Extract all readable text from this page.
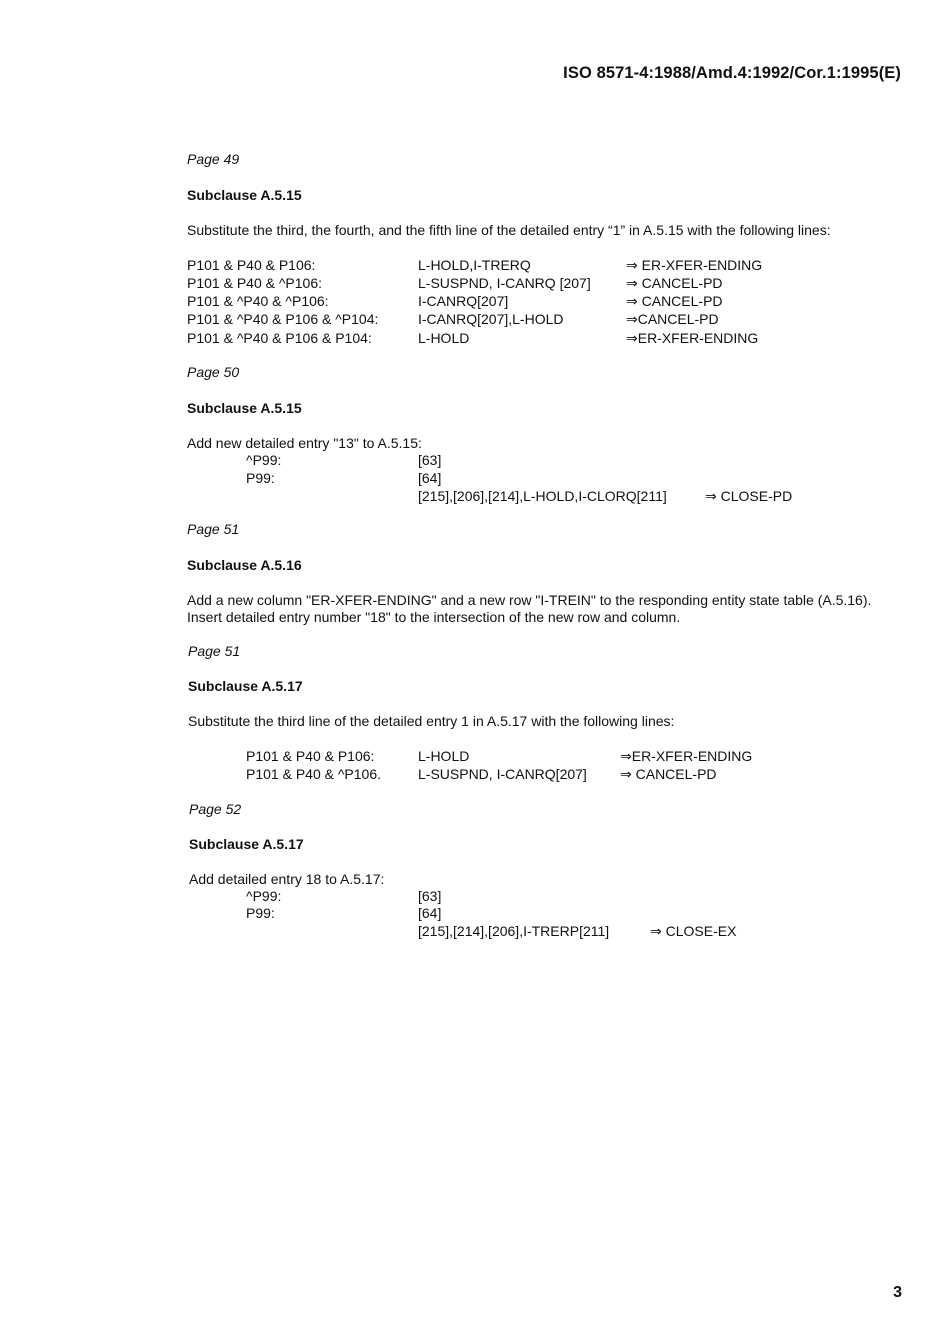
ISO 8571-4:1988/Amd.4:1992/Cor.1:1995(E)
Page 49
Subclause A.5.15
Substitute the third, the fourth, and the fifth line of the detailed entry “1” in A.5.15 with the following lines:
P101 & P40 & P106:	L-HOLD,I-TRERQ	⇒ ER-XFER-ENDING
P101 & P40 & ^P106:	L-SUSPND, I-CANRQ [207]	⇒ CANCEL-PD
P101 & ^P40 & ^P106:	I-CANRQ[207]	⇒ CANCEL-PD
P101 & ^P40 & P106 & ^P104:	I-CANRQ[207],L-HOLD	⇒CANCEL-PD
P101 & ^P40 & P106 & P104:	L-HOLD	⇒ER-XFER-ENDING
Page 50
Subclause A.5.15
Add new detailed entry "13" to A.5.15:
^P99:	[63]
P99:	[64]
[215],[206],[214],L-HOLD,I-CLORQ[211]	⇒ CLOSE-PD
Page 51
Subclause A.5.16
Add a new column "ER-XFER-ENDING" and a new row "I-TREIN" to the responding entity state table (A.5.16).
Insert detailed entry number "18" to the intersection of the new row and column.
Page 51
Subclause A.5.17
Substitute the third line of the detailed entry 1 in A.5.17 with the following lines:
P101 & P40 & P106:	L-HOLD	⇒ER-XFER-ENDING
P101 & P40 & ^P106.	L-SUSPND, I-CANRQ[207] ⇒ CANCEL-PD
Page 52
Subclause A.5.17
Add detailed entry 18 to A.5.17:
^P99:	[63]
P99:	[64]
[215],[214],[206],I-TRERP[211]	⇒ CLOSE-EX
3
